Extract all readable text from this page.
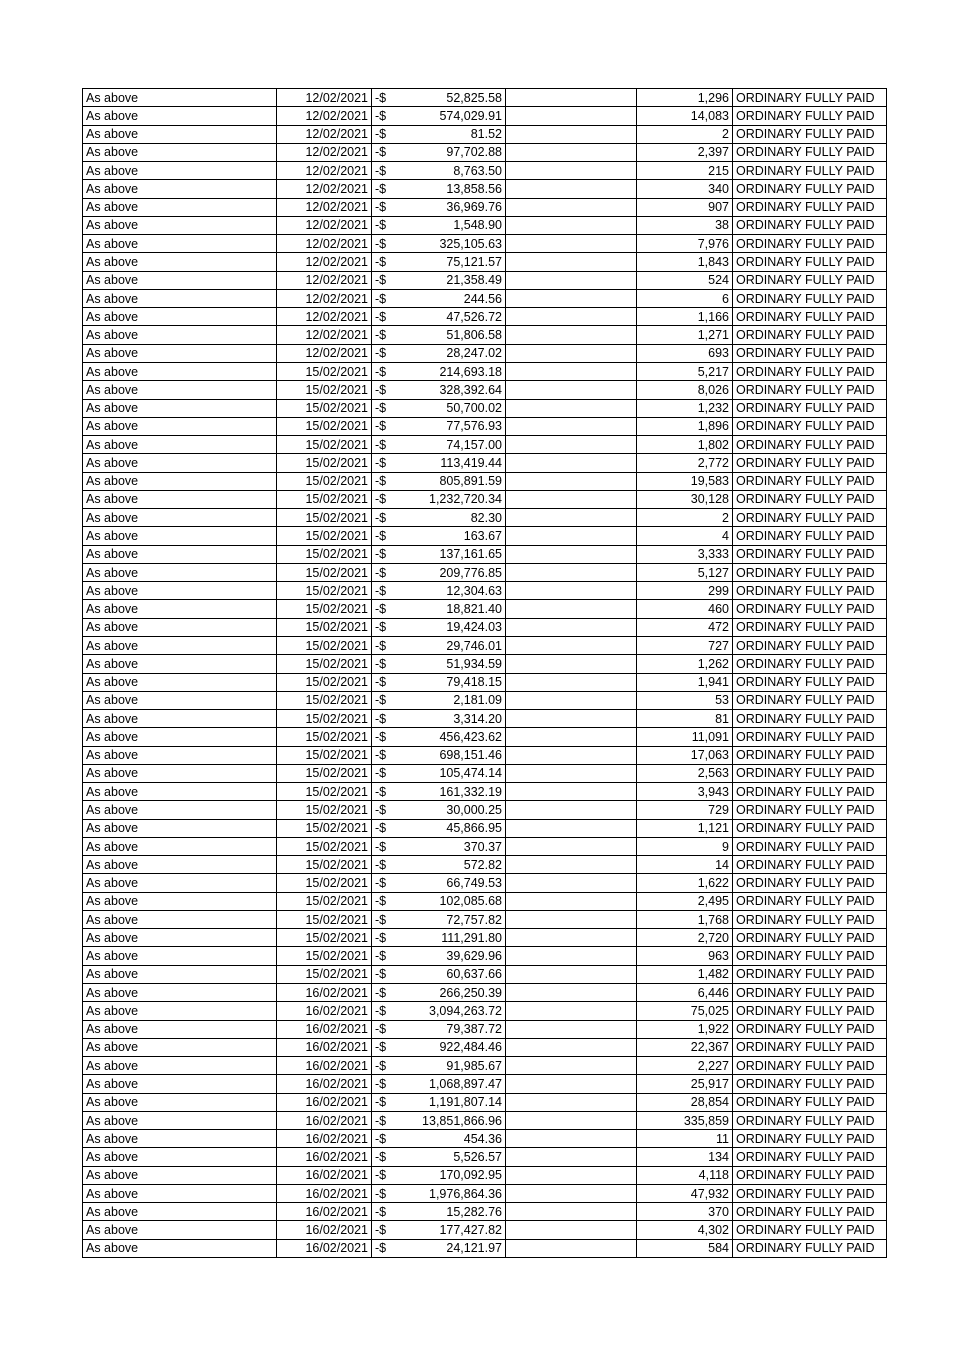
As above	12/02/2021	-$	52,825.58		1,296	ORDINARY FULLY PAID
As above	12/02/2021	-$	574,029.91		14,083	ORDINARY FULLY PAID
As above	12/02/2021	-$	81.52		2	ORDINARY FULLY PAID
As above	12/02/2021	-$	97,702.88		2,397	ORDINARY FULLY PAID
As above	12/02/2021	-$	8,763.50		215	ORDINARY FULLY PAID
As above	12/02/2021	-$	13,858.56		340	ORDINARY FULLY PAID
As above	12/02/2021	-$	36,969.76		907	ORDINARY FULLY PAID
As above	12/02/2021	-$	1,548.90		38	ORDINARY FULLY PAID
As above	12/02/2021	-$	325,105.63		7,976	ORDINARY FULLY PAID
As above	12/02/2021	-$	75,121.57		1,843	ORDINARY FULLY PAID
As above	12/02/2021	-$	21,358.49		524	ORDINARY FULLY PAID
As above	12/02/2021	-$	244.56		6	ORDINARY FULLY PAID
As above	12/02/2021	-$	47,526.72		1,166	ORDINARY FULLY PAID
As above	12/02/2021	-$	51,806.58		1,271	ORDINARY FULLY PAID
As above	12/02/2021	-$	28,247.02		693	ORDINARY FULLY PAID
As above	15/02/2021	-$	214,693.18		5,217	ORDINARY FULLY PAID
As above	15/02/2021	-$	328,392.64		8,026	ORDINARY FULLY PAID
As above	15/02/2021	-$	50,700.02		1,232	ORDINARY FULLY PAID
As above	15/02/2021	-$	77,576.93		1,896	ORDINARY FULLY PAID
As above	15/02/2021	-$	74,157.00		1,802	ORDINARY FULLY PAID
As above	15/02/2021	-$	113,419.44		2,772	ORDINARY FULLY PAID
As above	15/02/2021	-$	805,891.59		19,583	ORDINARY FULLY PAID
As above	15/02/2021	-$	1,232,720.34		30,128	ORDINARY FULLY PAID
As above	15/02/2021	-$	82.30		2	ORDINARY FULLY PAID
As above	15/02/2021	-$	163.67		4	ORDINARY FULLY PAID
As above	15/02/2021	-$	137,161.65		3,333	ORDINARY FULLY PAID
As above	15/02/2021	-$	209,776.85		5,127	ORDINARY FULLY PAID
As above	15/02/2021	-$	12,304.63		299	ORDINARY FULLY PAID
As above	15/02/2021	-$	18,821.40		460	ORDINARY FULLY PAID
As above	15/02/2021	-$	19,424.03		472	ORDINARY FULLY PAID
As above	15/02/2021	-$	29,746.01		727	ORDINARY FULLY PAID
As above	15/02/2021	-$	51,934.59		1,262	ORDINARY FULLY PAID
As above	15/02/2021	-$	79,418.15		1,941	ORDINARY FULLY PAID
As above	15/02/2021	-$	2,181.09		53	ORDINARY FULLY PAID
As above	15/02/2021	-$	3,314.20		81	ORDINARY FULLY PAID
As above	15/02/2021	-$	456,423.62		11,091	ORDINARY FULLY PAID
As above	15/02/2021	-$	698,151.46		17,063	ORDINARY FULLY PAID
As above	15/02/2021	-$	105,474.14		2,563	ORDINARY FULLY PAID
As above	15/02/2021	-$	161,332.19		3,943	ORDINARY FULLY PAID
As above	15/02/2021	-$	30,000.25		729	ORDINARY FULLY PAID
As above	15/02/2021	-$	45,866.95		1,121	ORDINARY FULLY PAID
As above	15/02/2021	-$	370.37		9	ORDINARY FULLY PAID
As above	15/02/2021	-$	572.82		14	ORDINARY FULLY PAID
As above	15/02/2021	-$	66,749.53		1,622	ORDINARY FULLY PAID
As above	15/02/2021	-$	102,085.68		2,495	ORDINARY FULLY PAID
As above	15/02/2021	-$	72,757.82		1,768	ORDINARY FULLY PAID
As above	15/02/2021	-$	111,291.80		2,720	ORDINARY FULLY PAID
As above	15/02/2021	-$	39,629.96		963	ORDINARY FULLY PAID
As above	15/02/2021	-$	60,637.66		1,482	ORDINARY FULLY PAID
As above	16/02/2021	-$	266,250.39		6,446	ORDINARY FULLY PAID
As above	16/02/2021	-$	3,094,263.72		75,025	ORDINARY FULLY PAID
As above	16/02/2021	-$	79,387.72		1,922	ORDINARY FULLY PAID
As above	16/02/2021	-$	922,484.46		22,367	ORDINARY FULLY PAID
As above	16/02/2021	-$	91,985.67		2,227	ORDINARY FULLY PAID
As above	16/02/2021	-$	1,068,897.47		25,917	ORDINARY FULLY PAID
As above	16/02/2021	-$	1,191,807.14		28,854	ORDINARY FULLY PAID
As above	16/02/2021	-$	13,851,866.96		335,859	ORDINARY FULLY PAID
As above	16/02/2021	-$	454.36		11	ORDINARY FULLY PAID
As above	16/02/2021	-$	5,526.57		134	ORDINARY FULLY PAID
As above	16/02/2021	-$	170,092.95		4,118	ORDINARY FULLY PAID
As above	16/02/2021	-$	1,976,864.36		47,932	ORDINARY FULLY PAID
As above	16/02/2021	-$	15,282.76		370	ORDINARY FULLY PAID
As above	16/02/2021	-$	177,427.82		4,302	ORDINARY FULLY PAID
As above	16/02/2021	-$	24,121.97		584	ORDINARY FULLY PAID
